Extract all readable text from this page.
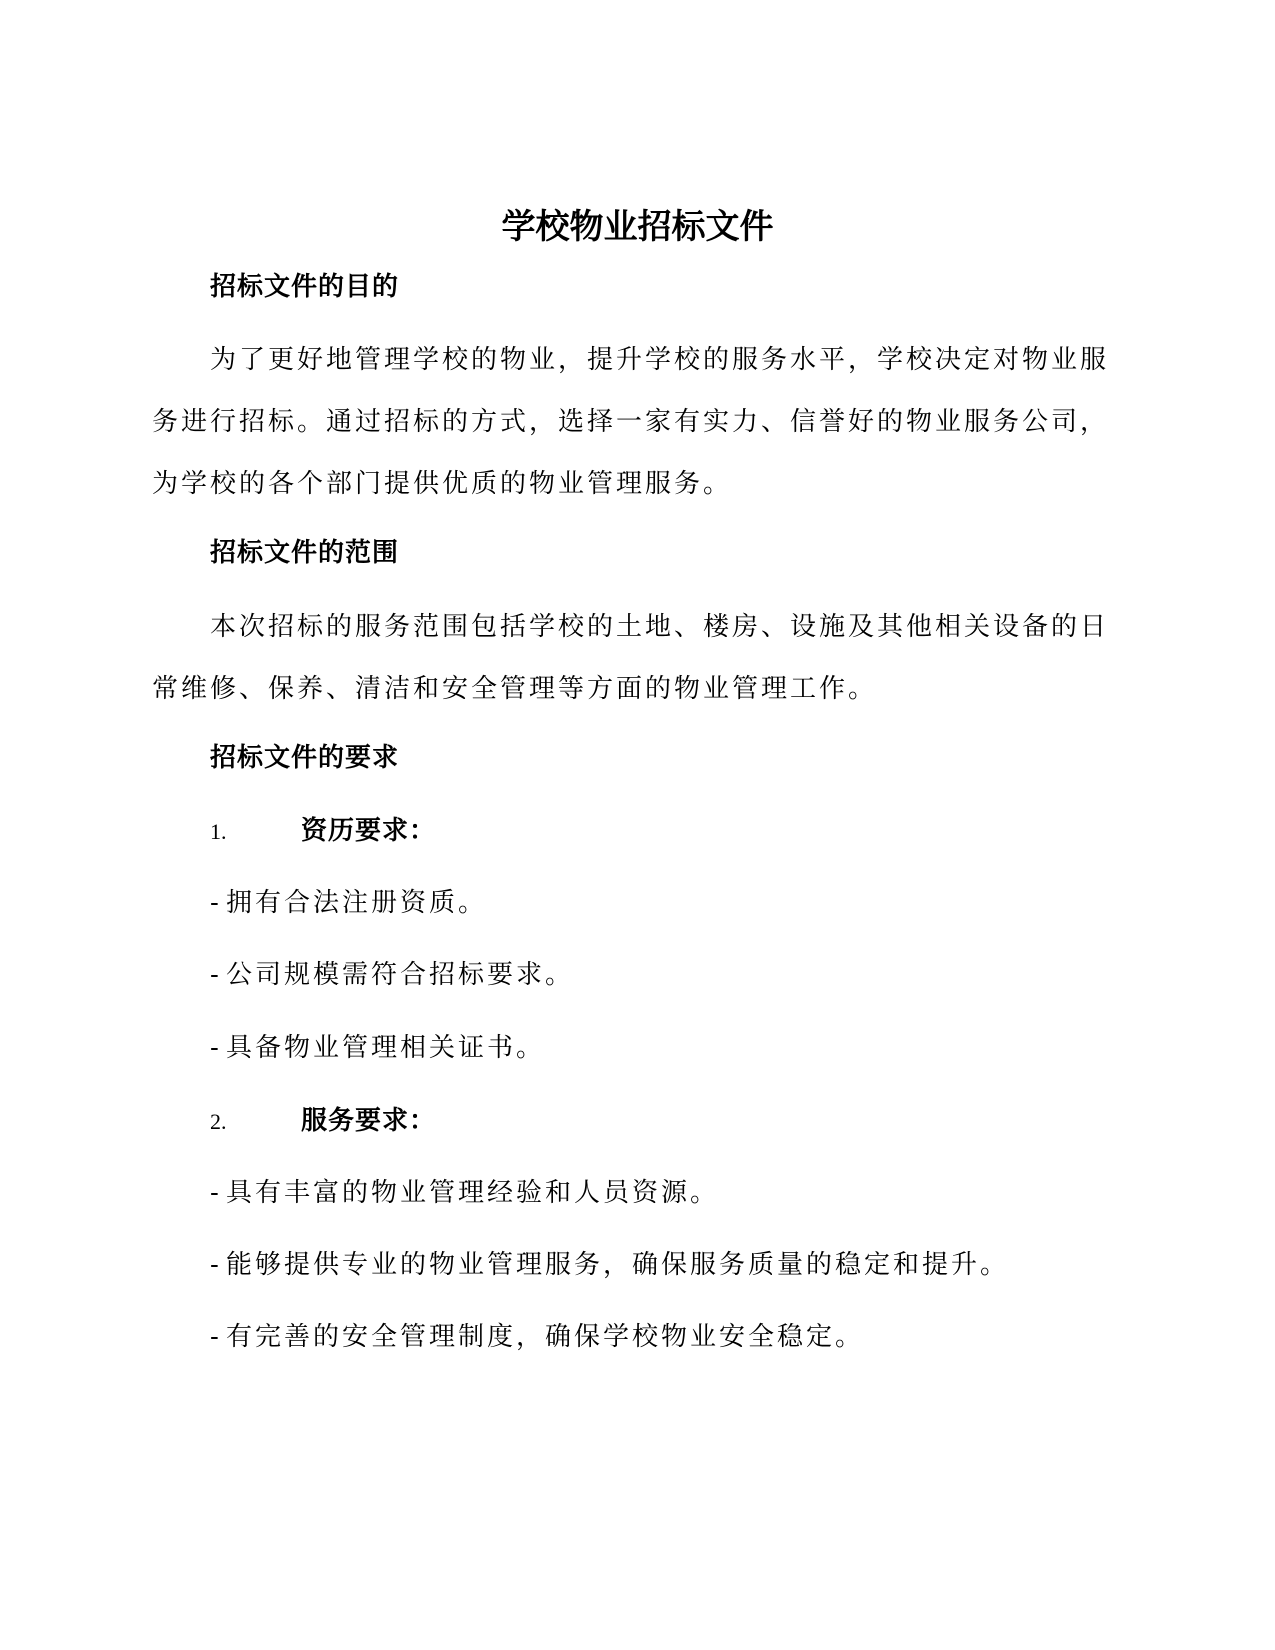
学校物业招标文件
招标文件的目的

为了更好地管理学校的物业，提升学校的服务水平，学校决定对物业服务进行招标。通过招标的方式，选择一家有实力、信誉好的物业服务公司，为学校的各个部门提供优质的物业管理服务。

招标文件的范围

本次招标的服务范围包括学校的土地、楼房、设施及其他相关设备的日常维修、保养、清洁和安全管理等方面的物业管理工作。

招标文件的要求
1.	资历要求：
- 拥有合法注册资质。
- 公司规模需符合招标要求。
- 具备物业管理相关证书。
2.	服务要求：
- 具有丰富的物业管理经验和人员资源。
- 能够提供专业的物业管理服务，确保服务质量的稳定和提升。
- 有完善的安全管理制度，确保学校物业安全稳定。
